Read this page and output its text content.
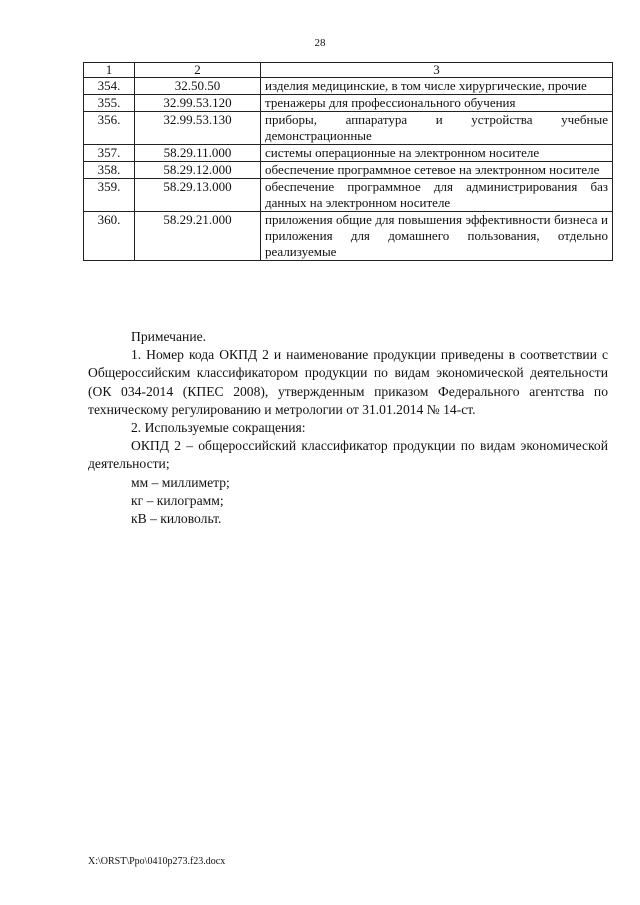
28
1	2	3
354.	32.50.50	изделия медицинские, в том числе хирургические, прочие
355.	32.99.53.120	тренажеры для профессионального обучения
356.	32.99.53.130	приборы, аппаратура и устройства учебные демонстрационные
357.	58.29.11.000	системы операционные на электронном носителе
358.	58.29.12.000	обеспечение программное сетевое на электронном носителе
359.	58.29.13.000	обеспечение программное для администрирования баз данных на электронном носителе
360.	58.29.21.000	приложения общие для повышения эффективности бизнеса и приложения для домашнего пользования, отдельно реализуемые

Примечание.

1. Номер кода ОКПД 2 и наименование продукции приведены в соответствии с Общероссийским классификатором продукции по видам экономической деятельности (ОК 034-2014 (КПЕС 2008), утвержденным приказом Федерального агентства по техническому регулированию и метрологии от 31.01.2014 № 14-ст.

2. Используемые сокращения:

ОКПД 2 – общероссийский классификатор продукции по видам экономической деятельности;

мм – миллиметр;

кг – килограмм;

кВ – киловольт.

X:\ORST\Ppo\0410p273.f23.docx
